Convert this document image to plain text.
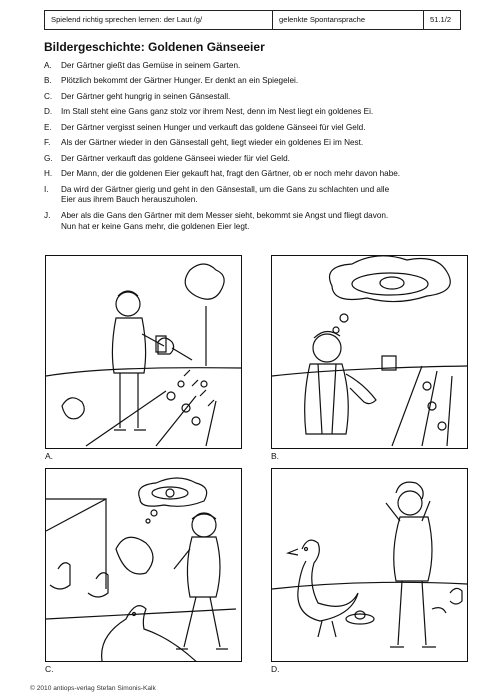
Spielend richtig sprechen lernen: der Laut /g/	gelenkte Spontansprache	51.1/2
Bildergeschichte: Goldenen Gänseeier
A.	Der Gärtner gießt das Gemüse in seinem Garten.
B.	Plötzlich bekommt der Gärtner Hunger. Er denkt an ein Spiegelei.
C.	Der Gärtner geht hungrig in seinen Gänsestall.
D.	Im Stall steht eine Gans ganz stolz vor ihrem Nest, denn im Nest liegt ein goldenes Ei.
E.	Der Gärtner vergisst seinen Hunger und verkauft das goldene Gänseei für viel Geld.
F.	Als der Gärtner wieder in den Gänsestall geht, liegt wieder ein goldenes Ei im Nest.
G.	Der Gärtner verkauft das goldene Gänseei wieder für viel Geld.
H.	Der Mann, der die goldenen Eier gekauft hat, fragt den Gärtner, ob er noch mehr davon habe.
I.	Da wird der Gärtner gierig und geht in den Gänsestall, um die Gans zu schlachten und alle
Eier aus ihrem Bauch herauszuholen.
J.	Aber als die Gans den Gärtner mit dem Messer sieht, bekommt sie Angst und fliegt davon.
Nun hat er keine Gans mehr, die goldenen Eier legt.
A.	B.
C.	D.
© 2010 antiops-verlag Stefan Simonis-Kalk
